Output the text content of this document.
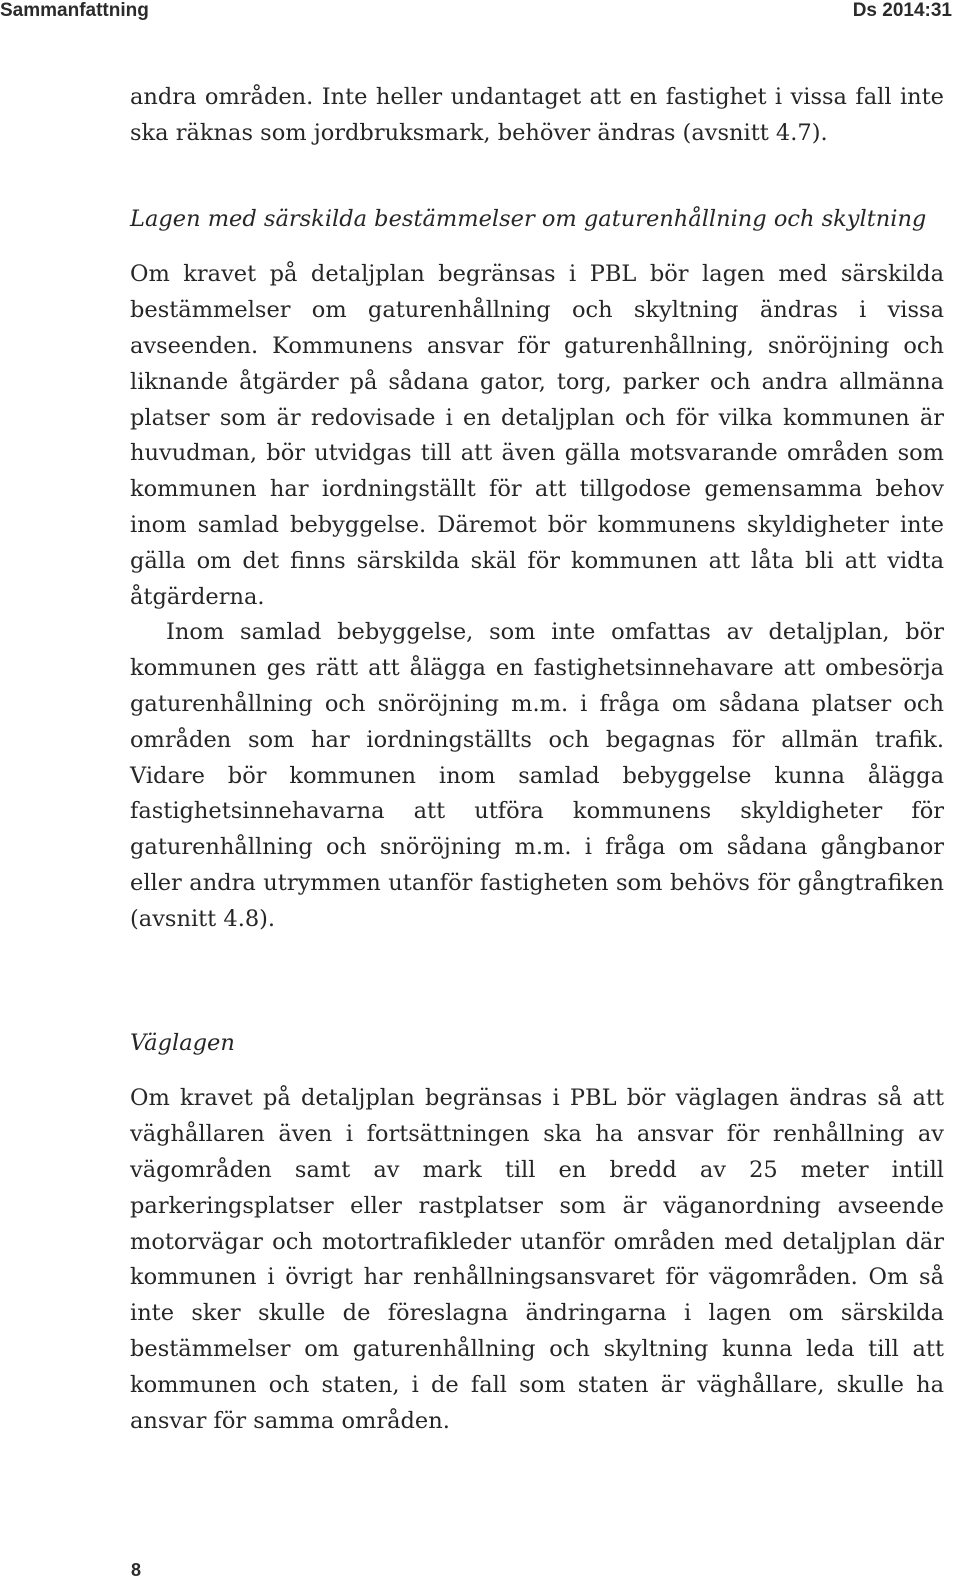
Sammanfattning	Ds 2014:31

andra områden. Inte heller undantaget att en fastighet i vissa fall inte ska räknas som jordbruksmark, behöver ändras (avsnitt 4.7).

Lagen med särskilda bestämmelser om gaturenhållning och skyltning

Om kravet på detaljplan begränsas i PBL bör lagen med särskilda bestämmelser om gaturenhållning och skyltning ändras i vissa avseenden. Kommunens ansvar för gaturenhållning, snöröjning och liknande åtgärder på sådana gator, torg, parker och andra allmänna platser som är redovisade i en detaljplan och för vilka kommunen är huvudman, bör utvidgas till att även gälla motsvarande områden som kommunen har iordningställt för att tillgodose gemensamma behov inom samlad bebyggelse. Däremot bör kommunens skyldigheter inte gälla om det finns särskilda skäl för kommunen att låta bli att vidta åtgärderna.

Inom samlad bebyggelse, som inte omfattas av detaljplan, bör kommunen ges rätt att ålägga en fastighetsinnehavare att ombesörja gaturenhållning och snöröjning m.m. i fråga om sådana platser och områden som har iordningställts och begagnas för allmän trafik. Vidare bör kommunen inom samlad bebyggelse kunna ålägga fastighetsinnehavarna att utföra kommunens skyldigheter för gaturenhållning och snöröjning m.m. i fråga om sådana gångbanor eller andra utrymmen utanför fastigheten som behövs för gångtrafiken (avsnitt 4.8).

Väglagen

Om kravet på detaljplan begränsas i PBL bör väglagen ändras så att väghållaren även i fortsättningen ska ha ansvar för renhållning av vägområden samt av mark till en bredd av 25 meter intill parkeringsplatser eller rastplatser som är väganordning avseende motorvägar och motortrafikleder utanför områden med detaljplan där kommunen i övrigt har renhållningsansvaret för vägområden. Om så inte sker skulle de föreslagna ändringarna i lagen om särskilda bestämmelser om gaturenhållning och skyltning kunna leda till att kommunen och staten, i de fall som staten är väghållare, skulle ha ansvar för samma områden.

8
